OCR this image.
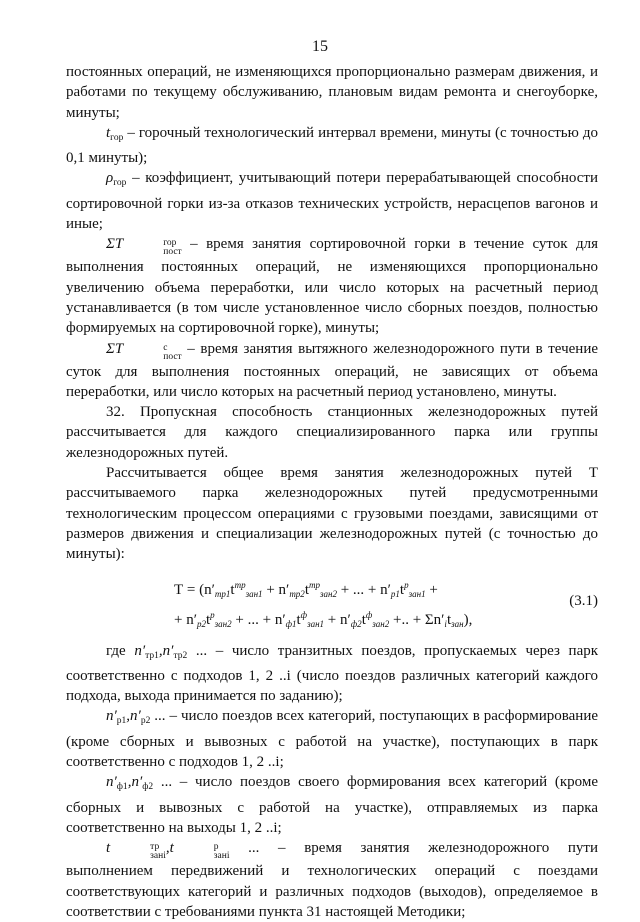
15

постоянных операций, не изменяющихся пропорционально размерам движения, и работами по текущему обслуживанию, плановым видам ремонта и снегоуборке, минуты;

$t_{гор}$ – горочный технологический интервал времени, минуты (с точностью до 0,1 минуты);

$\rho_{гор}$ – коэффициент, учитывающий потери перерабатывающей способности сортировочной горки из-за отказов технических устройств, нерасцепов вагонов и иные;

ΣT	гор
пост – время занятия сортировочной горки в течение суток для выполнения постоянных операций, не изменяющихся пропорционально увеличению объема переработки, или число которых на расчетный период устанавливается (в том числе установленное число сборных поездов, полностью формируемых на сортировочной горке), минуты;

ΣT	с
пост – время занятия вытяжного железнодорожного пути в течение суток для выполнения постоянных операций, не зависящих от объема переработки, или число которых на расчетный период установлено, минуты.

32. Пропускная способность станционных железнодорожных путей рассчитывается для каждого специализированного парка или группы железнодорожных путей.

Рассчитывается общее время занятия железнодорожных путей Т рассчитываемого парка железнодорожных путей предусмотренными технологическим процессом операциями с грузовыми поездами, зависящими от размеров движения и специализации железнодорожных путей (с точностью до минуты):

$Т = (n'_{тр1}t^{тр}_{зан1} + n'_{тр2}t^{тр}_{зан2}$ + ... + $n'_{р1}t^р_{зан1}$ +
+ $n'_{р2}t^р_{зан2}$ + ... + $n'_{ф1}t^ф_{зан1} + n'_{ф2}t^ф_{зан2}$ +.. + $\Sigma n'_it_{зан}$),
(3.1)

где $n'_{тр1},n'_{тр2}$ ... – число транзитных поездов, пропускаемых через парк соответственно с подходов 1, 2 ..i (число поездов различных категорий каждого подхода, выхода принимается по заданию);

$n'_{р1},n'_{р2}$ ... – число поездов всех категорий, поступающих в расформирование (кроме сборных и вывозных с работой на участке), поступающих в парк соответственно с подходов 1, 2 ..i;

$n'_{ф1},n'_{ф2}$ ... – число поездов своего формирования всех категорий (кроме сборных и вывозных с работой на участке), отправляемых из парка соответственно на выходы 1, 2 ..i;

t	тр
занi ,t	р
занi ... – время занятия железнодорожного пути выполнением передвижений и технологических операций с поездами соответствующих категорий и различных подходов (выходов), определяемое в соответствии с требованиями пункта 31 настоящей Методики;
